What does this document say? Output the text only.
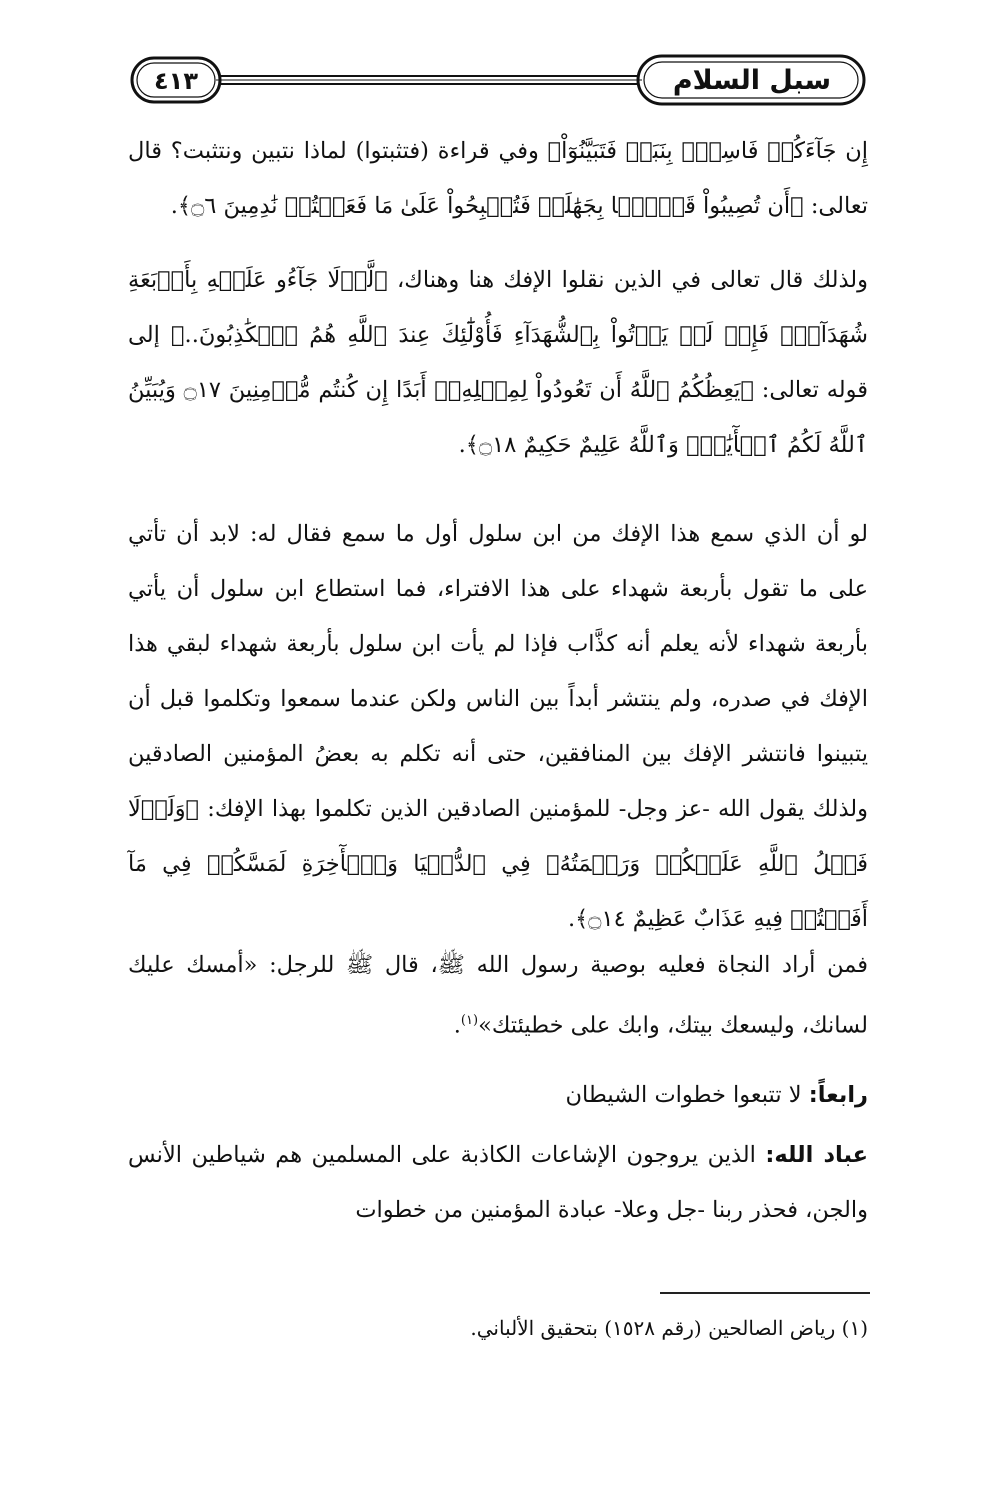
سبل السلام
٤١٣

إِن جَآءَكُمۡ فَاسِقُۢ بِنَبَإٖ فَتَبَيَّنُوٓاْ﴾ وفي قراءة (فتثبتوا) لماذا نتبين ونتثبت؟ قال تعالى: ﴿أَن تُصِيبُواْ قَوۡمَۢا بِجَهَٰلَةٖ فَتُصۡبِحُواْ عَلَىٰ مَا فَعَلۡتُمۡ نَٰدِمِينَ ۝٦﴾.

ولذلك قال تعالى في الذين نقلوا الإفك هنا وهناك، ﴿لَّوۡلَا جَآءُو عَلَيۡهِ بِأَرۡبَعَةِ شُهَدَآءَۚ فَإِذۡ لَمۡ يَأۡتُواْ بِٱلشُّهَدَآءِ فَأُوْلَٰٓئِكَ عِندَ ٱللَّهِ هُمُ ٱلۡكَٰذِبُونَ..﴾ إلى قوله تعالى: ﴿يَعِظُكُمُ ٱللَّهُ أَن تَعُودُواْ لِمِثۡلِهِۦٓ أَبَدًا إِن كُنتُم مُّؤۡمِنِينَ ۝١٧ وَيُبَيِّنُ ٱللَّهُ لَكُمُ ٱلۡأٓيَٰتِۚ وَٱللَّهُ عَلِيمٌ حَكِيمٌ ۝١٨﴾.

لو أن الذي سمع هذا الإفك من ابن سلول أول ما سمع فقال له: لابد أن تأتي على ما تقول بأربعة شهداء على هذا الافتراء، فما استطاع ابن سلول أن يأتي بأربعة شهداء لأنه يعلم أنه كذَّاب فإذا لم يأت ابن سلول بأربعة شهداء لبقي هذا الإفك في صدره، ولم ينتشر أبداً بين الناس ولكن عندما سمعوا وتكلموا قبل أن يتبينوا فانتشر الإفك بين المنافقين، حتى أنه تكلم به بعضُ المؤمنين الصادقين ولذلك يقول الله -عز وجل- للمؤمنين الصادقين الذين تكلموا بهذا الإفك: ﴿وَلَوۡلَا فَضۡلُ ٱللَّهِ عَلَيۡكُمۡ وَرَحۡمَتُهُۥ فِي ٱلدُّنۡيَا وَٱلۡأٓخِرَةِ لَمَسَّكُمۡ فِي مَآ أَفَضۡتُمۡ فِيهِ عَذَابٌ عَظِيمٌ ۝١٤﴾.

فمن أراد النجاة فعليه بوصية رسول الله ﷺ، قال ﷺ للرجل: «أمسك عليك لسانك، وليسعك بيتك، وابك على خطيئتك»$^{(١)}$.

رابعاً: لا تتبعوا خطوات الشيطان

عباد الله: الذين يروجون الإشاعات الكاذبة على المسلمين هم شياطين الأنس والجن، فحذر ربنا -جل وعلا- عبادة المؤمنين من خطوات

(١) رياض الصالحين (رقم ١٥٢٨) بتحقيق الألباني.
